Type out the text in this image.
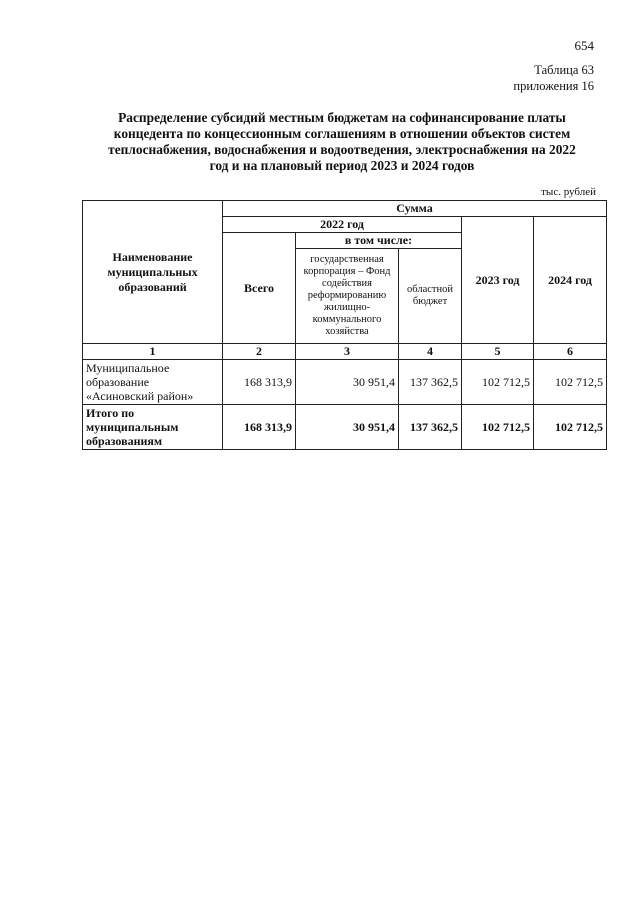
654
Таблица 63
приложения 16
Распределение субсидий местным бюджетам на софинансирование платы
концедента по концессионным соглашениям в отношении объектов систем
теплоснабжения, водоснабжения и водоотведения, электроснабжения на 2022
год и на плановый период 2023 и 2024 годов
тыс. рублей
Наименование муниципальных образований	Сумма				
	2022 год			2023 год	2024 год
	Всего	в том числе:			
		государственная корпорация – Фонд содействия реформированию жилищно-коммунального хозяйства	областной бюджет		
1	2	3	4	5	6
Муниципальное образование «Асиновский район»	168 313,9	30 951,4	137 362,5	102 712,5	102 712,5
Итого по муниципальным образованиям	168 313,9	30 951,4	137 362,5	102 712,5	102 712,5
